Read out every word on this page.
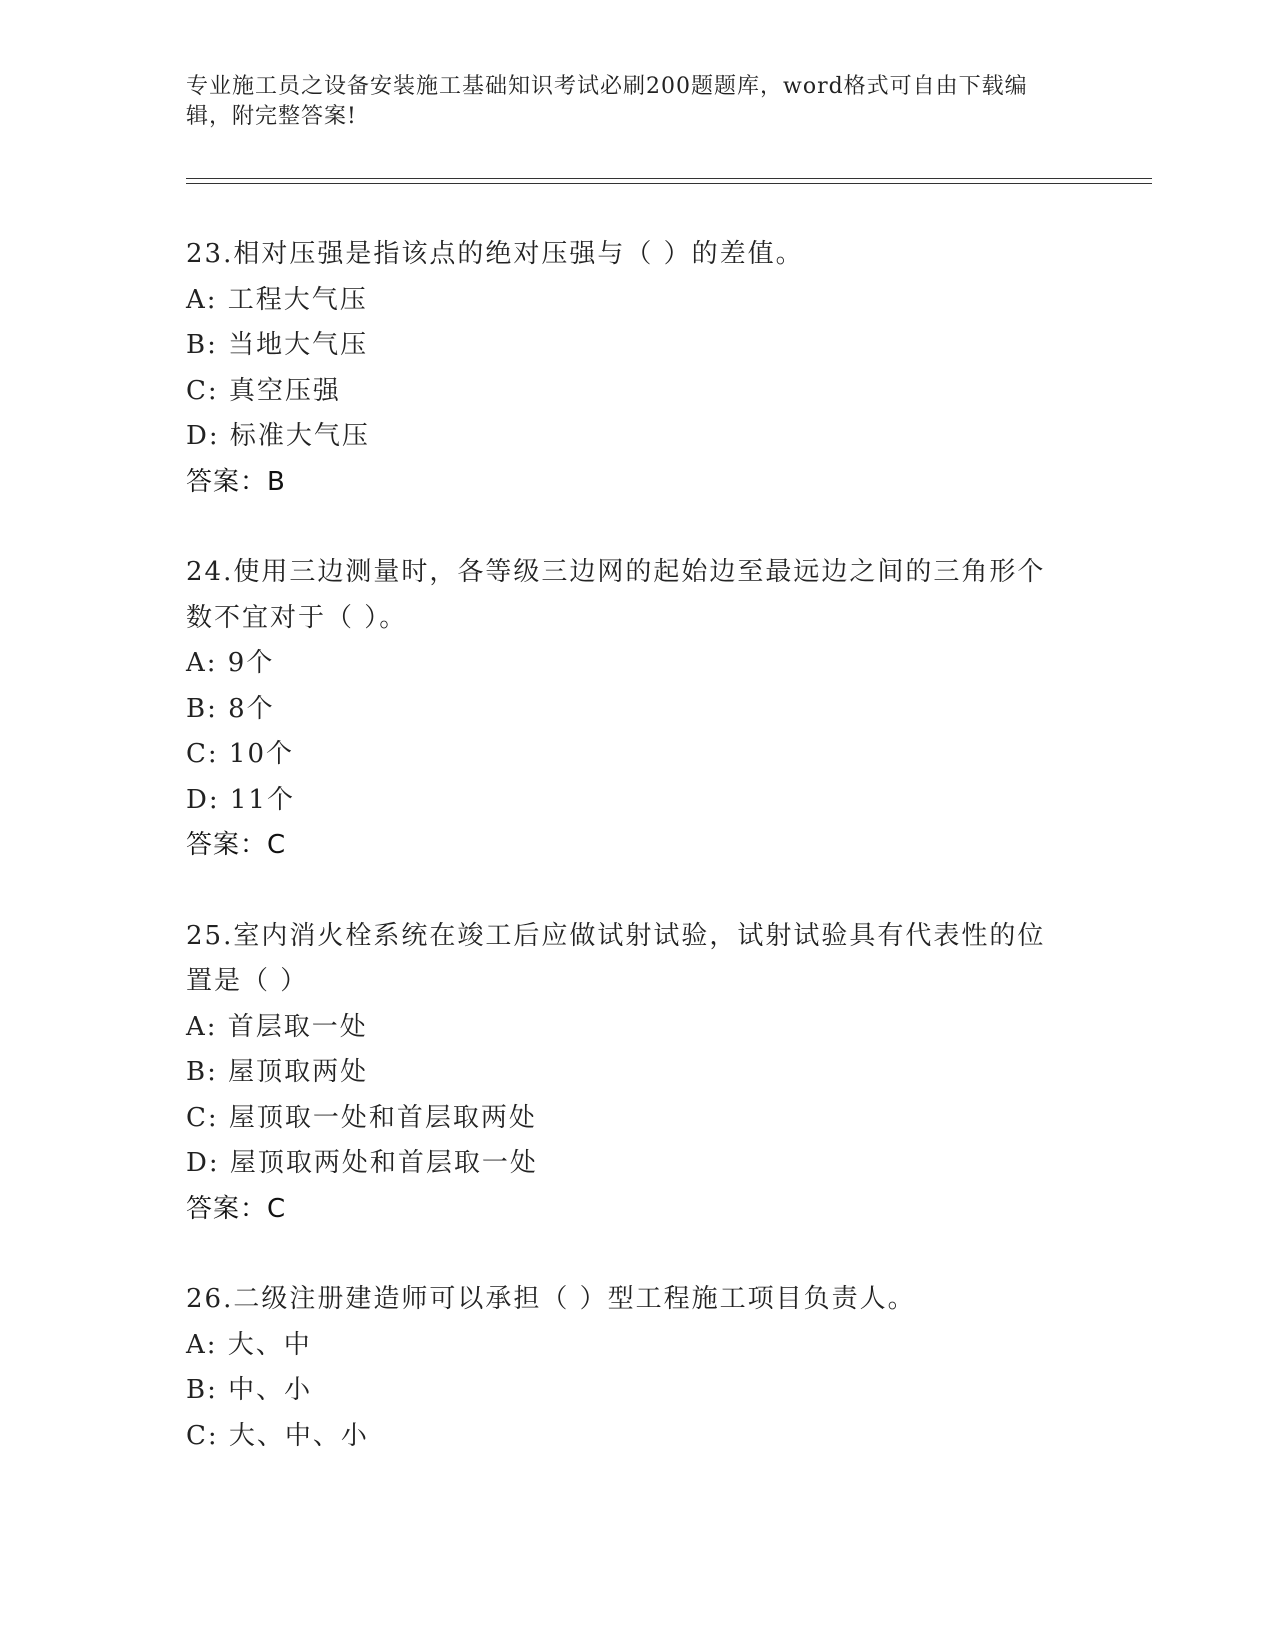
专业施工员之设备安装施工基础知识考试必刷200题题库，word格式可自由下载编辑，附完整答案!
23.相对压强是指该点的绝对压强与（ ）的差值。
A: 工程大气压
B: 当地大气压
C: 真空压强
D: 标准大气压
答案：B
24.使用三边测量时，各等级三边网的起始边至最远边之间的三角形个数不宜对于（ ）。
A: 9个
B: 8个
C: 10个
D: 11个
答案：C
25.室内消火栓系统在竣工后应做试射试验，试射试验具有代表性的位置是（ ）
A: 首层取一处
B: 屋顶取两处
C: 屋顶取一处和首层取两处
D: 屋顶取两处和首层取一处
答案：C
26.二级注册建造师可以承担（ ）型工程施工项目负责人。
A: 大、中
B: 中、小
C: 大、中、小
